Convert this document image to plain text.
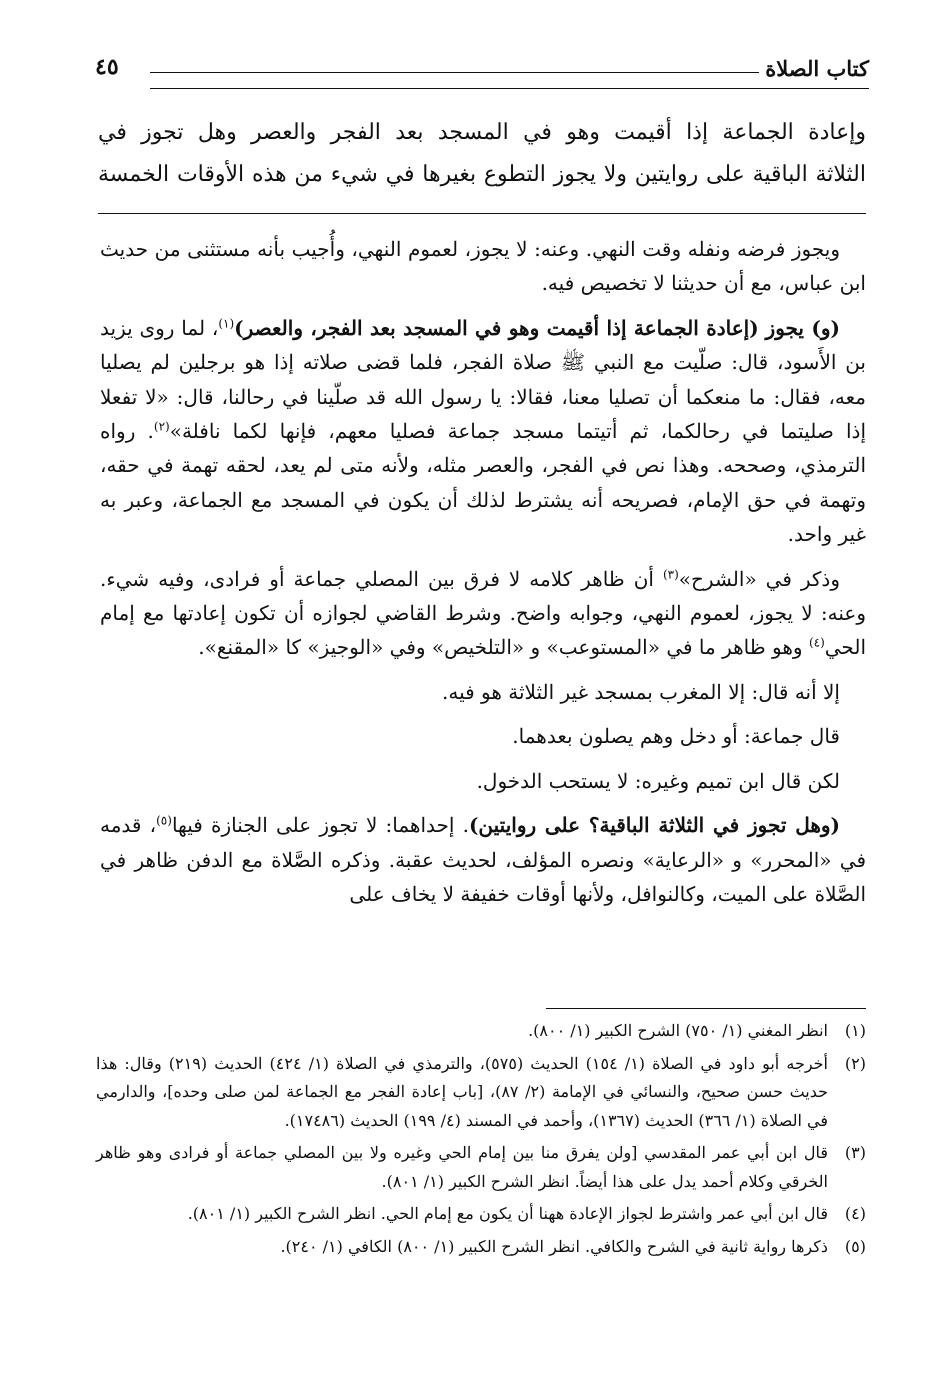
كتاب الصلاة
٤٥

وإعادة الجماعة إذا أقيمت وهو في المسجد بعد الفجر والعصر وهل تجوز في

الثلاثة الباقية على روايتين ولا يجوز التطوع بغيرها في شيء من هذه الأوقات الخمسة

ويجوز فرضه ونفله وقت النهي. وعنه: لا يجوز، لعموم النهي، وأُجيب بأنه مستثنى من حديث ابن عباس، مع أن حديثنا لا تخصيص فيه.

(و) يجوز (إعادة الجماعة إذا أقيمت وهو في المسجد بعد الفجر، والعصر)$^{(١)}$، لما روى يزيد بن الأَسود، قال: صلّيت مع النبي ﷺ صلاة الفجر، فلما قضى صلاته إذا هو برجلين لم يصليا معه، فقال: ما منعكما أن تصليا معنا، فقالا: يا رسول الله قد صلّينا في رحالنا، قال: «لا تفعلا إذا صليتما في رحالكما، ثم أتيتما مسجد جماعة فصليا معهم، فإنها لكما نافلة»$^{(٢)}$. رواه الترمذي، وصححه. وهذا نص في الفجر، والعصر مثله، ولأنه متى لم يعد، لحقه تهمة في حقه، وتهمة في حق الإمام، فصريحه أنه يشترط لذلك أن يكون في المسجد مع الجماعة، وعبر به غير واحد.

وذكر في «الشرح»$^{(٣)}$ أن ظاهر كلامه لا فرق بين المصلي جماعة أو فرادى، وفيه شيء. وعنه: لا يجوز، لعموم النهي، وجوابه واضح. وشرط القاضي لجوازه أن تكون إعادتها مع إمام الحي$^{(٤)}$ وهو ظاهر ما في «المستوعب» و «التلخيص» وفي «الوجيز» كا «المقنع».

إلا أنه قال: إلا المغرب بمسجد غير الثلاثة هو فيه.

قال جماعة: أو دخل وهم يصلون بعدهما.

لكن قال ابن تميم وغيره: لا يستحب الدخول.

(وهل تجوز في الثلاثة الباقية؟ على روايتين). إحداهما: لا تجوز على الجنازة فيها$^{(٥)}$، قدمه في «المحرر» و «الرعاية» ونصره المؤلف، لحديث عقبة. وذكره الصَّلاة مع الدفن ظاهر في الصَّلاة على الميت، وكالنوافل، ولأنها أوقات خفيفة لا يخاف على

(١)
انظر المغني (١/ ٧٥٠) الشرح الكبير (١/ ٨٠٠).
(٢)
أخرجه أبو داود في الصلاة (١/ ١٥٤) الحديث (٥٧٥)، والترمذي في الصلاة (١/ ٤٢٤) الحديث (٢١٩) وقال: هذا حديث حسن صحيح، والنسائي في الإمامة (٢/ ٨٧)، [باب إعادة الفجر مع الجماعة لمن صلى وحده]، والدارمي في الصلاة (١/ ٣٦٦) الحديث (١٣٦٧)، وأحمد في المسند (٤/ ١٩٩) الحديث (١٧٤٨٦).
(٣)
قال ابن أبي عمر المقدسي [ولن يفرق منا بين إمام الحي وغيره ولا بين المصلي جماعة أو فرادى وهو ظاهر الخرقي وكلام أحمد يدل على هذا أيضاً. انظر الشرح الكبير (١/ ٨٠١).
(٤)
قال ابن أبي عمر واشترط لجواز الإعادة ههنا أن يكون مع إمام الحي. انظر الشرح الكبير (١/ ٨٠١).
(٥)
ذكرها رواية ثانية في الشرح والكافي. انظر الشرح الكبير (١/ ٨٠٠) الكافي (١/ ٢٤٠).
